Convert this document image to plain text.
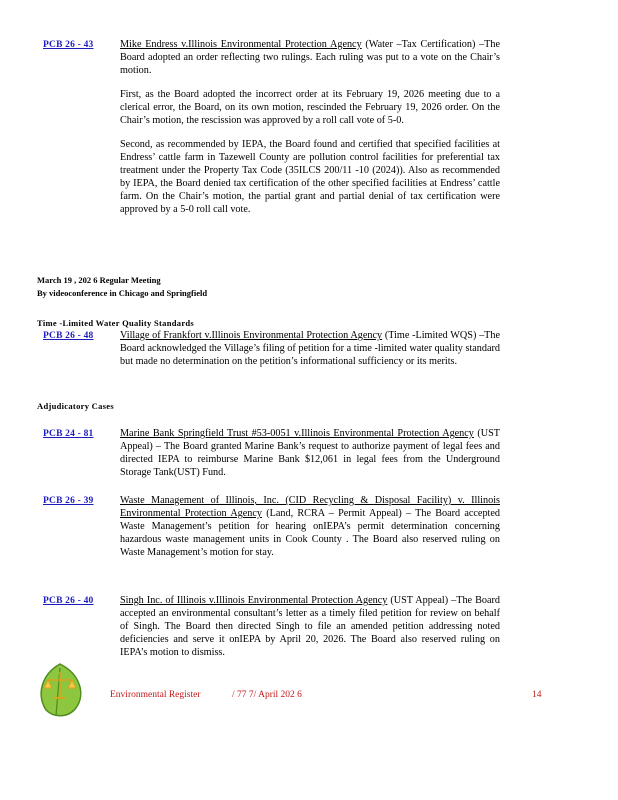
PCB 26 - 43	Mike Endress v.Illinois Environmental Protection Agency (Water –Tax Certification) –The Board adopted an order reflecting two rulings. Each ruling was put to a vote on the Chair’s motion.

First, as the Board adopted the incorrect order at its February 19, 2026 meeting due to a clerical error, the Board, on its own motion, rescinded the February 19, 2026 order. On the Chair’s motion, the rescission was approved by a roll call vote of 5-0.

Second, as recommended by IEPA, the Board found and certified that specified facilities at Endress’ cattle farm in Tazewell County are pollution control facilities for preferential tax treatment under the Property Tax Code (35ILCS 200/11 -10 (2024)). Also as recommended by IEPA, the Board denied tax certification of the other specified facilities at Endress’ cattle farm. On the Chair’s motion, the partial grant and partial denial of tax certification were approved by a 5-0 roll call vote.

March 19 , 202 6 Regular Meeting
By videoconference in Chicago and Springfield
Time -Limited Water Quality Standards
PCB 26 - 48	Village of Frankfort v.Illinois Environmental Protection Agency (Time -Limited WQS) –The Board acknowledged the Village’s filing of petition for a time -limited water quality standard but made no determination on the petition’s informational sufficiency or its merits.

Adjudicatory Cases
PCB 24 - 81	Marine Bank Springfield Trust #53-0051 v.Illinois Environmental Protection Agency (UST Appeal) – The Board granted Marine Bank’s request to authorize payment of legal fees and directed IEPA to reimburse Marine Bank $12,061 in legal fees from the Underground Storage Tank(UST) Fund.

PCB 26 - 39	Waste Management of Illinois, Inc. (CID Recycling & Disposal Facility) v. Illinois Environmental Protection Agency (Land, RCRA – Permit Appeal) – The Board accepted Waste Management’s petition for hearing onIEPA’s permit determination concerning hazardous waste management units in Cook County . The Board also reserved ruling on Waste Management’s motion for stay.

PCB 26 - 40	Singh Inc. of Illinois v.Illinois Environmental Protection Agency (UST Appeal) –The Board accepted an environmental consultant’s letter as a timely filed petition for review on behalf of Singh. The Board then directed Singh to file an amended petition addressing noted deficiencies and serve it onIEPA by April 20, 2026. The Board also reserved ruling on IEPA’s motion to dismiss.

Environmental Register	/ 77 7/ April 202 6	14
